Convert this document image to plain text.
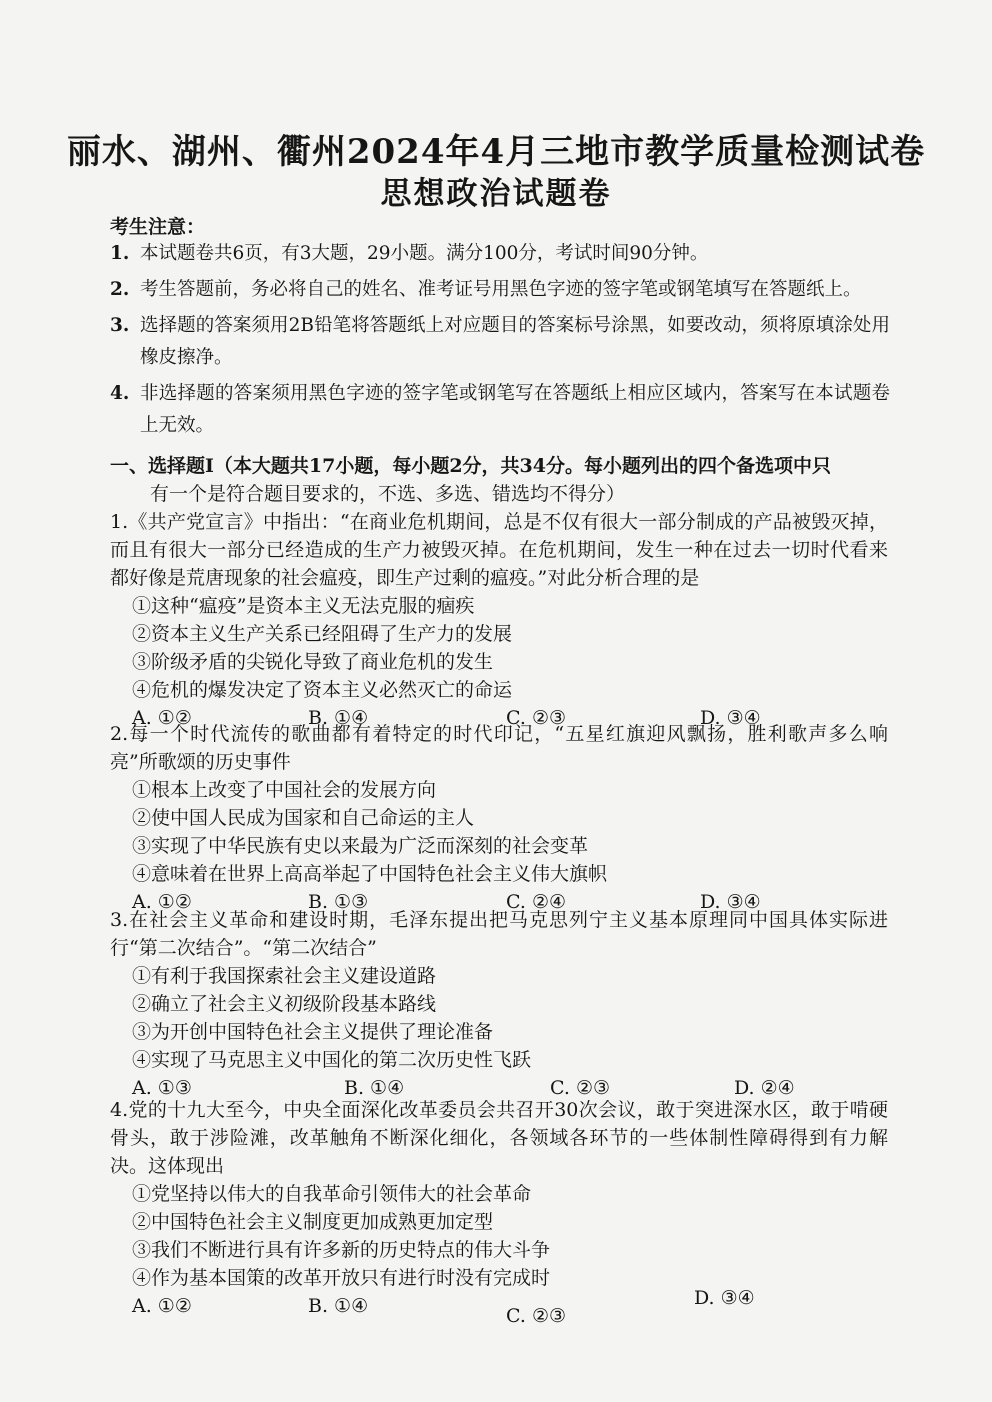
丽水、湖州、衢州2024年4月三地市教学质量检测试卷
思想政治试题卷
考生注意：
1. 本试题卷共6页，有3大题，29小题。满分100分，考试时间90分钟。
2. 考生答题前，务必将自己的姓名、准考证号用黑色字迹的签字笔或钢笔填写在答题纸上。
3. 选择题的答案须用2B铅笔将答题纸上对应题目的答案标号涂黑，如要改动，须将原填涂处用橡皮擦净。
4. 非选择题的答案须用黑色字迹的签字笔或钢笔写在答题纸上相应区域内，答案写在本试题卷上无效。
一、选择题Ⅰ（本大题共17小题，每小题2分，共34分。每小题列出的四个备选项中只
有一个是符合题目要求的，不选、多选、错选均不得分）
1.《共产党宣言》中指出：“在商业危机期间，总是不仅有很大一部分制成的产品被毁灭掉，而且有很大一部分已经造成的生产力被毁灭掉。在危机期间，发生一种在过去一切时代看来都好像是荒唐现象的社会瘟疫，即生产过剩的瘟疫。”对此分析合理的是
①这种“瘟疫”是资本主义无法克服的痼疾
②资本主义生产关系已经阻碍了生产力的发展
③阶级矛盾的尖锐化导致了商业危机的发生
④危机的爆发决定了资本主义必然灭亡的命运
A. ①②	B. ①④	C. ②③	D. ③④
2.每一个时代流传的歌曲都有着特定的时代印记，“五星红旗迎风飘扬，胜利歌声多么响亮”所歌颂的历史事件
①根本上改变了中国社会的发展方向
②使中国人民成为国家和自己命运的主人
③实现了中华民族有史以来最为广泛而深刻的社会变革
④意味着在世界上高高举起了中国特色社会主义伟大旗帜
A. ①②	B. ①③	C. ②④	D. ③④
3.在社会主义革命和建设时期，毛泽东提出把马克思列宁主义基本原理同中国具体实际进行“第二次结合”。“第二次结合”
①有利于我国探索社会主义建设道路
②确立了社会主义初级阶段基本路线
③为开创中国特色社会主义提供了理论准备
④实现了马克思主义中国化的第二次历史性飞跃
A. ①③	B. ①④	C. ②③	D. ②④
4.党的十九大至今，中央全面深化改革委员会共召开30次会议，敢于突进深水区，敢于啃硬骨头，敢于涉险滩，改革触角不断深化细化，各领域各环节的一些体制性障碍得到有力解决。这体现出
①党坚持以伟大的自我革命引领伟大的社会革命
②中国特色社会主义制度更加成熟更加定型
③我们不断进行具有许多新的历史特点的伟大斗争
④作为基本国策的改革开放只有进行时没有完成时
A. ①②	B. ①④	C. ②③
D. ③④
